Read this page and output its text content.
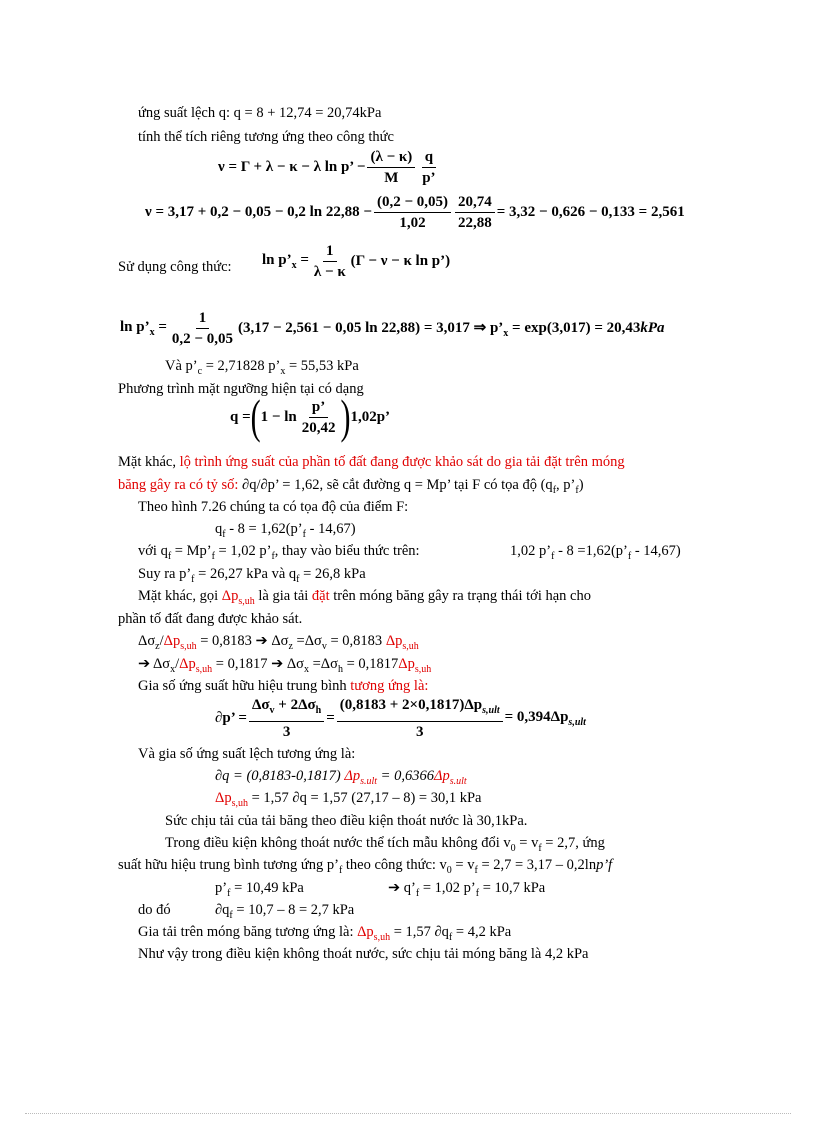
ứng suất lệch q: q = 8 + 12,74 = 20,74kPa
tính thể tích riêng tương ứng theo công thức
ν = Γ + λ − κ − λ ln p’ − $\frac{(\lambda - \kappa)}{M} \frac{q}{p’}$
ν = 3,17 + 0,2 − 0,05 − 0,2 $\ln 22,88 - \frac{(0,2 - 0,05)}{1,02} \frac{20,74}{22,88} = 3,32 - 0,626 - 0,133 = 2,561$
Sử dụng công thức: $\ln p’_x = \frac{1}{\lambda - \kappa} (\Gamma - \nu - \kappa$ ln p’)
$\ln p’_x = \frac{1}{0,2 - 0,05} (3,17 - 2,561 - 0,05$ ln 22,88) = 3,017 ⇒ $p’_x = \exp(3,017) = 20,43kPa$
Và $p’_c = 2,71828$ $p’_x = 55,53$ kPa
Phương trình mặt ngưỡng hiện tại có dạng
q = ( $1 - \ln \frac{p’}{20,42}$ ) 1,02p’
Mặt khác, lộ trình ứng suất của phần tố đất đang được khảo sát do gia tải đặt trên móng
băng gây ra có tỷ số: ∂q/∂p’ = 1,62, sẽ cắt đường q = Mp’ tại F có tọa độ ($q_f$, $p’_f$)
Theo hình 7.26 chúng ta có tọa độ của điểm F:
$q_f - 8$ = $1,62(p’_f - 14,67)$
với $q_f$ = $Mp’_f = 1,02$ $p’_f$, thay vào biểu thức trên:	1,02 $p’_f - 8$ $=1,62(p’_f - 14,67)$
Suy ra $p’_f = 26,27$ kPa và $q_f = 26,8$ kPa
Mặt khác, gọi $\Delta p_{s,uh}$ là gia tải đặt trên móng băng gây ra trạng thái tới hạn cho
phần tố đất đang được khảo sát.
$\Delta\sigma_z/\Delta p_{s,uh} = 0,8183$ ➔ $\Delta\sigma_z =\Delta\sigma_v = 0,8183$ $\Delta p_{s,uh}$
➔ $\Delta\sigma_x/\Delta p_{s,uh} = 0,1817$ ➔ $\Delta\sigma_x =\Delta\sigma_h = 0,1817\Delta p_{s,uh}$
Gia số ứng suất hữu hiệu trung bình tương ứng là:
∂p’ = $\frac{\Delta\sigma_v + 2\Delta\sigma_h}{3} = \frac{(0,8183 + 2\times 0,1817)\Delta p_{s,ult}}{3} = 0,394\Delta p_{s,ult}$
Và gia số ứng suất lệch tương ứng là:
∂q = (0,8183-0,1817) $\Delta p_{s.ult} = 0,6366\Delta p_{s.ult}$
$\Delta p_{s,uh} = 1,57$ ∂q = 1,57 (27,17 – 8) = 30,1 kPa
Sức chịu tải của tải băng theo điều kiện thoát nước là 30,1kPa.
Trong điều kiện không thoát nước thể tích mẫu không đổi $v_0 = v_f = 2,7$, ứng
suất hữu hiệu trung bình tương ứng $p’_f$ theo công thức: $v_0 = v_f = 2,7 = 3,17$ – 0,2lnp’f
$p’_f = 10,49$ kPa	➔ $q’_f = 1,02$ $p’_f = 10,7$ kPa
do đó	$\partial q_f = 10,7 - 8 = 2,7$ kPa
Gia tải trên móng băng tương ứng là: $\Delta p_{s,uh} = 1,57$ $\partial q_f = 4,2$ kPa
Như vậy trong điều kiện không thoát nước, sức chịu tải móng băng là 4,2 kPa
